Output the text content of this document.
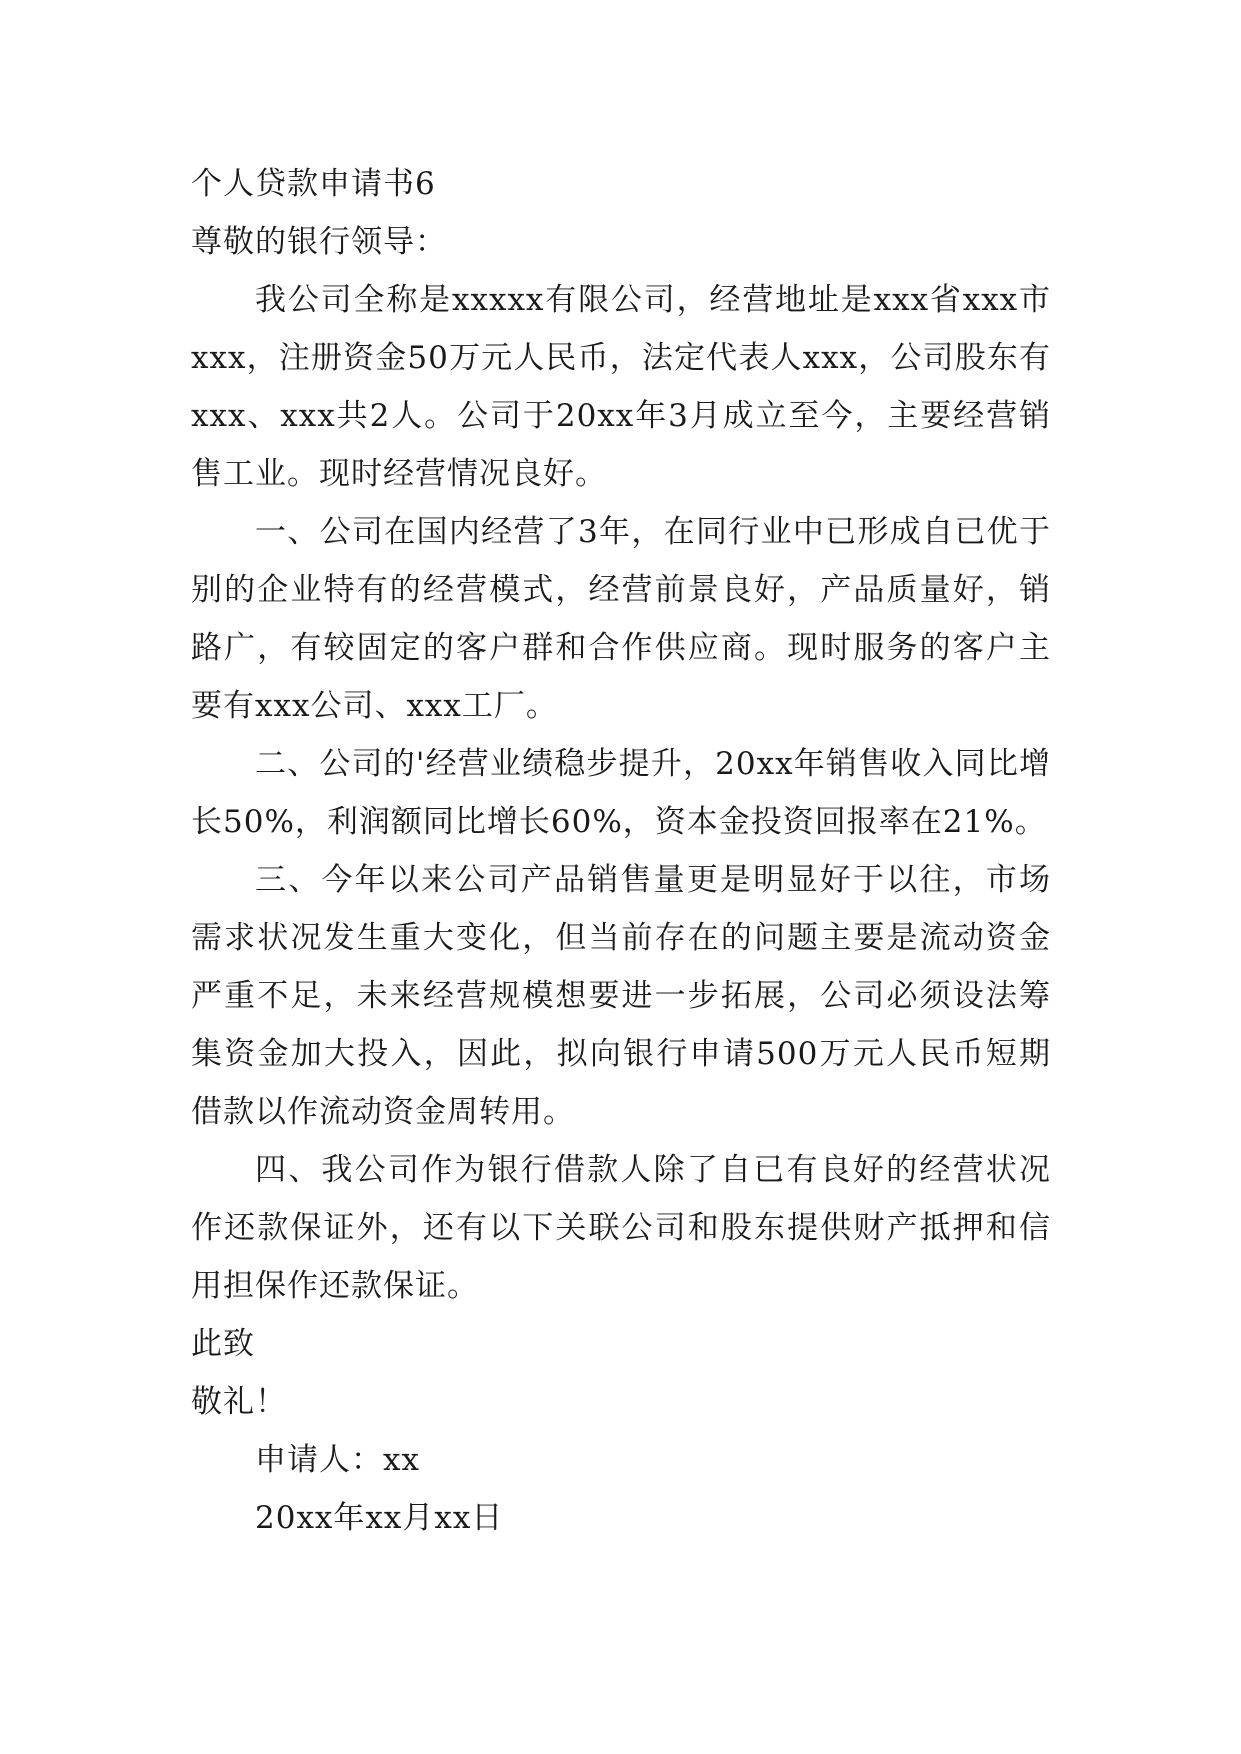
个人贷款申请书6

尊敬的银行领导：

我公司全称是xxxxx有限公司，经营地址是xxx省xxx市xxx，注册资金50万元人民币，法定代表人xxx，公司股东有xxx、xxx共2人。公司于20xx年3月成立至今，主要经营销售工业。现时经营情况良好。

一、公司在国内经营了3年，在同行业中已形成自已优于别的企业特有的经营模式，经营前景良好，产品质量好，销路广，有较固定的客户群和合作供应商。现时服务的客户主要有xxx公司、xxx工厂。

二、公司的'经营业绩稳步提升，20xx年销售收入同比增长50%，利润额同比增长60%，资本金投资回报率在21%。

三、今年以来公司产品销售量更是明显好于以往，市场需求状况发生重大变化，但当前存在的问题主要是流动资金严重不足，未来经营规模想要进一步拓展，公司必须设法筹集资金加大投入，因此，拟向银行申请500万元人民币短期借款以作流动资金周转用。

四、我公司作为银行借款人除了自已有良好的经营状况作还款保证外，还有以下关联公司和股东提供财产抵押和信用担保作还款保证。

此致

敬礼！

申请人：xx

20xx年xx月xx日
